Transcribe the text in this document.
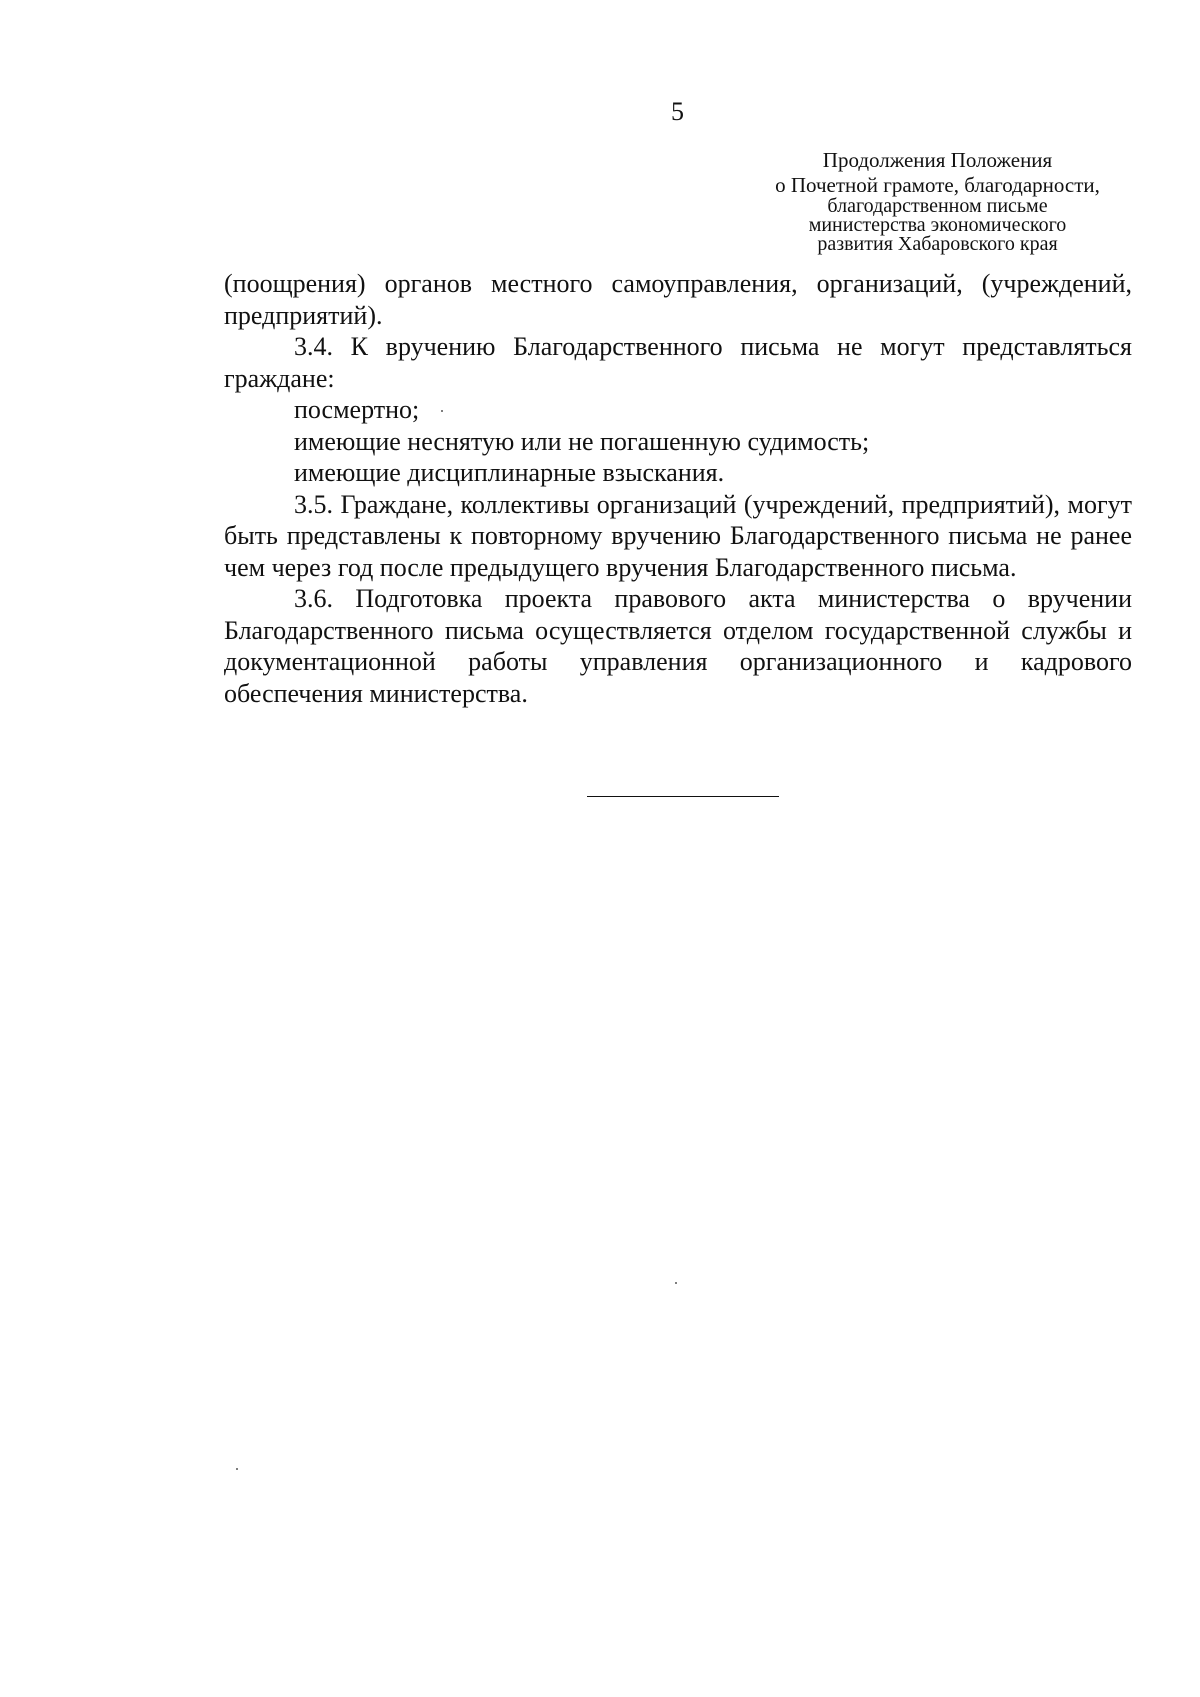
5
Продолжения Положения
о Почетной грамоте, благодарности,
благодарственном письме
министерства экономического
развития Хабаровского края

(поощрения) органов местного самоуправления, организаций, (учреждений, предприятий).

3.4. К вручению Благодарственного письма не могут представляться граждане:

посмертно;

имеющие неснятую или не погашенную судимость;

имеющие дисциплинарные взыскания.

3.5. Граждане, коллективы организаций (учреждений, предприятий), могут быть представлены к повторному вручению Благодарственного письма не ранее чем через год после предыдущего вручения Благодарственного письма.

3.6. Подготовка проекта правового акта министерства о вручении Благодарственного письма осуществляется отделом государственной службы и документационной работы управления организационного и кадрового обеспечения министерства.
